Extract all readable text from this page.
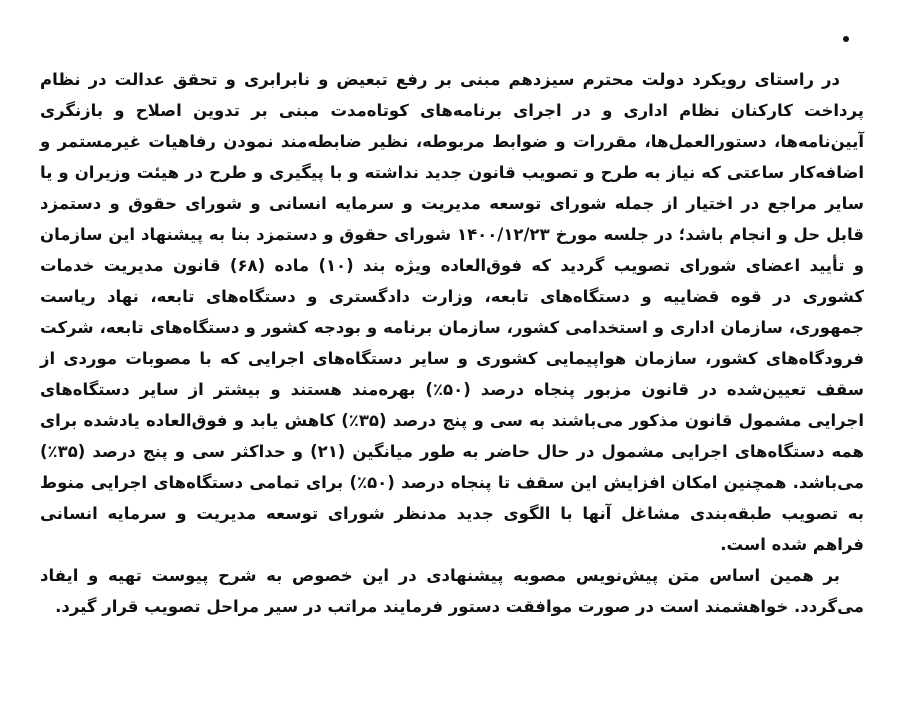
در راستای رویکرد دولت محترم سیزدهم مبنی بر رفع تبعیض و نابرابری و تحقق عدالت در نظام پرداخت کارکنان نظام اداری و در اجرای برنامه‌های کوتاه‌مدت مبنی بر تدوین اصلاح و بازنگری آیین‌نامه‌ها، دستورالعمل‌ها، مقررات و ضوابط مربوطه، نظیر ضابطه‌مند نمودن رفاهیات غیرمستمر و اضافه‌کار ساعتی که نیاز به طرح و تصویب قانون جدید نداشته و با پیگیری و طرح در هیئت وزیران و یا سایر مراجع در اختیار از جمله شورای توسعه مدیریت و سرمایه انسانی و شورای حقوق و دستمزد قابل حل و انجام باشد؛ در جلسه مورخ ۱۴۰۰/۱۲/۲۳ شورای حقوق و دستمزد بنا به پیشنهاد این سازمان و تأیید اعضای شورای تصویب گردید که فوق‌العاده ویژه بند (۱۰) ماده (۶۸) قانون مدیریت خدمات کشوری در قوه قضاییه و دستگاه‌های تابعه، وزارت دادگستری و دستگاه‌های تابعه، نهاد ریاست جمهوری، سازمان اداری و استخدامی کشور، سازمان برنامه و بودجه کشور و دستگاه‌های تابعه، شرکت فرودگاه‌های کشور، سازمان هواپیمایی کشوری و سایر دستگاه‌های اجرایی که با مصوبات موردی از سقف تعیین‌شده در قانون مزبور پنجاه درصد (۵۰٪) بهره‌مند هستند و بیشتر از سایر دستگاه‌های اجرایی مشمول قانون مذکور می‌باشند به سی و پنج درصد (۳۵٪) کاهش یابد و فوق‌العاده یادشده برای همه دستگاه‌های اجرایی مشمول در حال حاضر به طور میانگین (۲۱) و حداکثر سی و پنج درصد (۳۵٪) می‌باشد. همچنین امکان افزایش این سقف تا پنجاه درصد (۵۰٪) برای تمامی دستگاه‌های اجرایی منوط به تصویب طبقه‌بندی مشاغل آنها با الگوی جدید مدنظر شورای توسعه مدیریت و سرمایه انسانی فراهم شده است.

بر همین اساس متن پیش‌نویس مصوبه پیشنهادی در این خصوص به شرح پیوست تهیه و ایفاد می‌گردد. خواهشمند است در صورت موافقت دستور فرمایند مراتب در سیر مراحل تصویب قرار گیرد.
